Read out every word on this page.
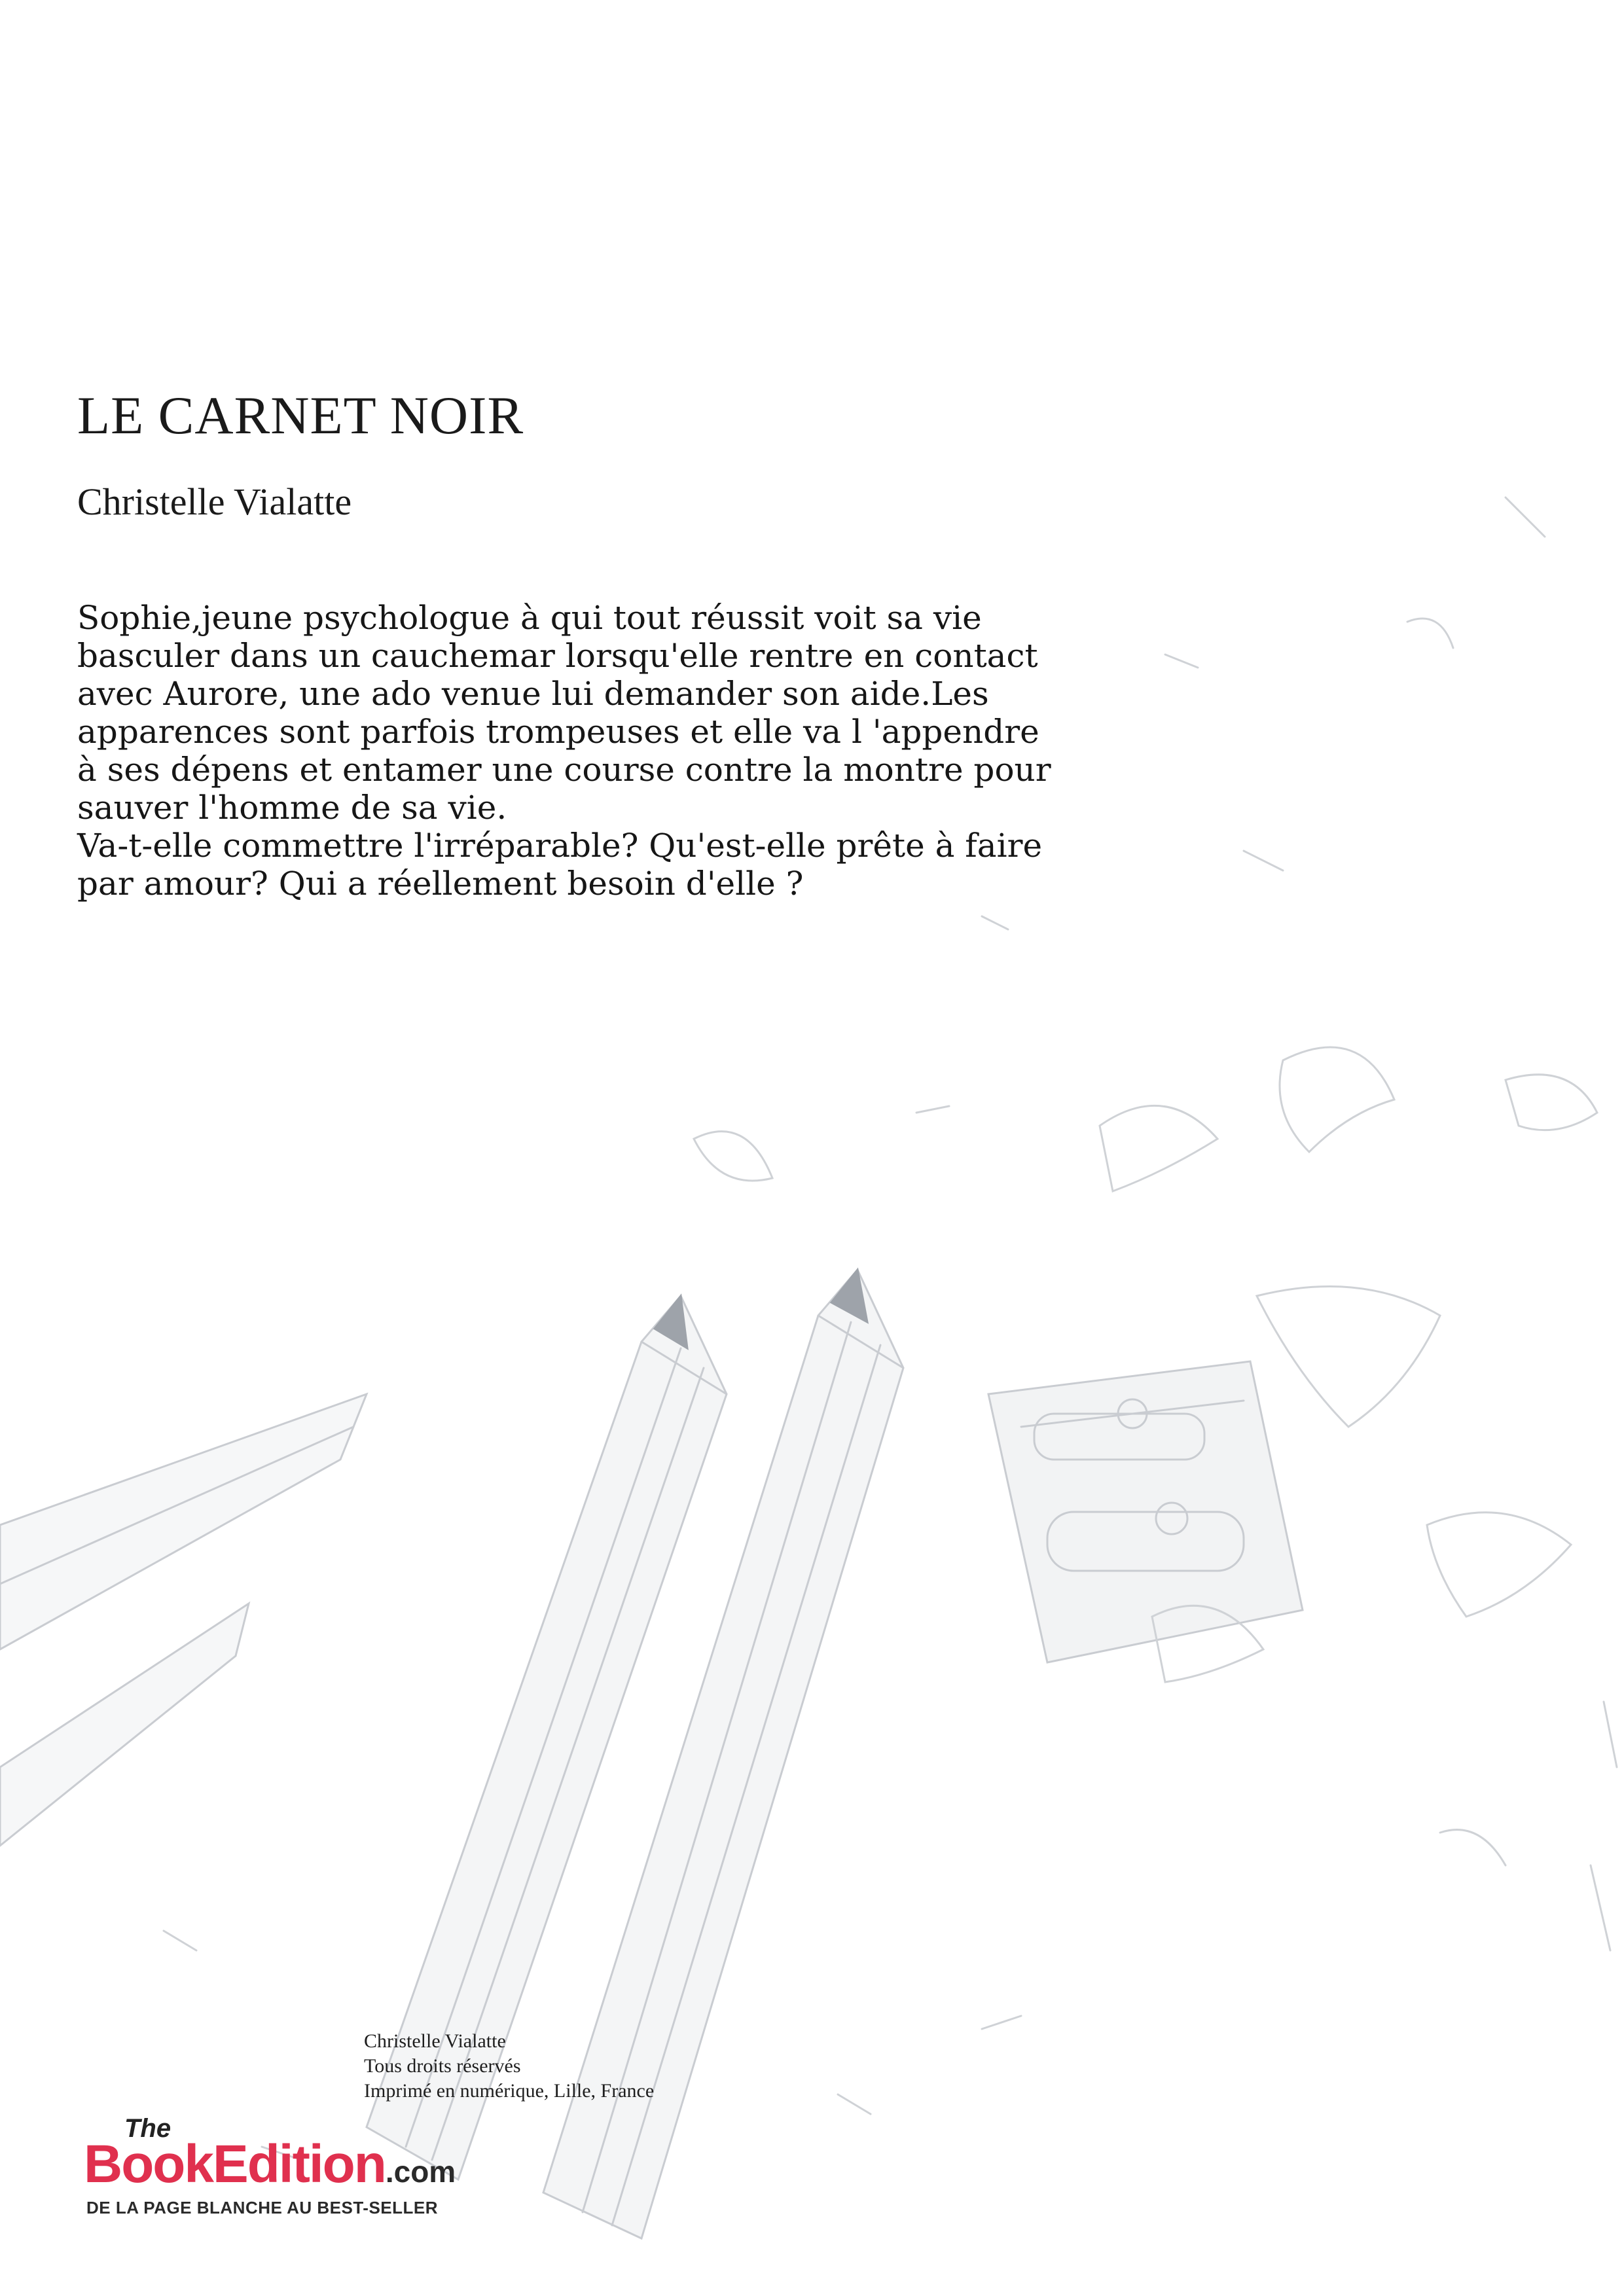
LE CARNET NOIR
Christelle Vialatte

Sophie,jeune psychologue à qui tout réussit voit sa vie

basculer dans un cauchemar lorsqu'elle rentre en contact

avec Aurore, une ado venue lui demander son aide.Les

apparences sont parfois trompeuses et elle va l 'appendre

à ses dépens et entamer une course contre la montre pour

sauver l'homme de sa vie.

Va-t-elle commettre l'irréparable? Qu'est-elle prête à faire

par amour? Qui a réellement besoin d'elle ?

Christelle Vialatte
Tous droits réservés
Imprimé en numérique, Lille, France
The
BookEdition.com
DE LA PAGE BLANCHE AU BEST-SELLER
